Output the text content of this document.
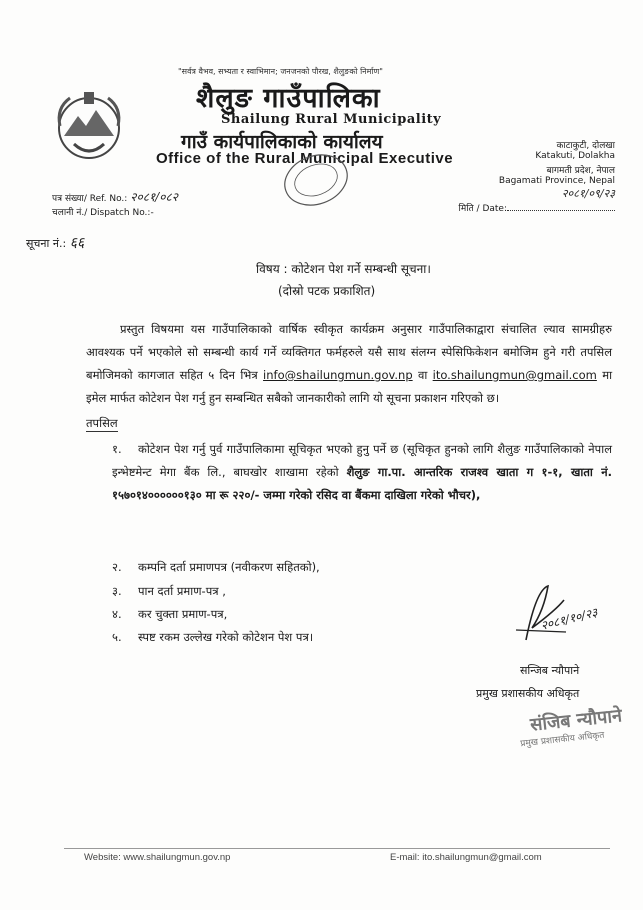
"सर्वत्र वैभव, सभ्यता र स्वाभिमान; जनजनको पौरख, शैलुङको निर्माण"
शैलुङ गाउँपालिका
Shailung Rural Municipality
गाउँ कार्यपालिकाको कार्यालय
Office of the Rural Municipal Executive
काटाकुटी, दोलखा
Katakuti, Dolakha
बागमती प्रदेश, नेपाल
Bagamati Province, Nepal
२०८१/०९/२३
मिति / Date:
पत्र संख्या/ Ref. No.: २०८१/०८२
चलानी नं./ Dispatch No.:-
सूचना नं.: ६६
विषय : कोटेशन पेश गर्ने सम्बन्धी सूचना।
(दोस्रो पटक प्रकाशित)
प्रस्तुत विषयमा यस गाउँपालिकाको वार्षिक स्वीकृत कार्यक्रम अनुसार गाउँपालिकाद्वारा संचालित ल्याव सामग्रीहरु आवश्यक पर्ने भएकोले सो सम्बन्धी कार्य गर्ने व्यक्तिगत फर्महरुले यसै साथ संलग्न स्पेसिफिकेशन बमोजिम हुने गरी तपसिल बमोजिमको कागजात सहित ५ दिन भित्र info@shailungmun.gov.np वा ito.shailungmun@gmail.com मा इमेल मार्फत कोटेशन पेश गर्नु हुन सम्बन्धित सबैको जानकारीको लागि यो सूचना प्रकाशन गरिएको छ।
तपसिल
१. कोटेशन पेश गर्नु पुर्व गाउँपालिकामा सूचिकृत भएको हुनु पर्ने छ (सूचिकृत हुनको लागि शैलुङ गाउँपालिकाको नेपाल इन्भेष्टमेन्ट मेगा बैंक लि., बाघखोर शाखामा रहेको शैलुङ गा.पा. आन्तरिक राजश्व खाता ग १-१, खाता नं. १५७०१४००००००१३० मा रू २२०/- जम्मा गरेको रसिद वा बैंकमा दाखिला गरेको भौचर),
२. कम्पनि दर्ता प्रमाणपत्र (नवीकरण सहितको),
३. पान दर्ता प्रमाण-पत्र ,
४. कर चुक्ता प्रमाण-पत्र,
५. स्पष्ट रकम उल्लेख गरेको कोटेशन पेश पत्र।
२०८१/१०/२३
सन्जिब न्यौपाने
प्रमुख प्रशासकीय अधिकृत
संजिब न्यौपाने
प्रमुख प्रशासकीय अधिकृत
Website: www.shailungmun.gov.np	E-mail: ito.shailungmun@gmail.com
